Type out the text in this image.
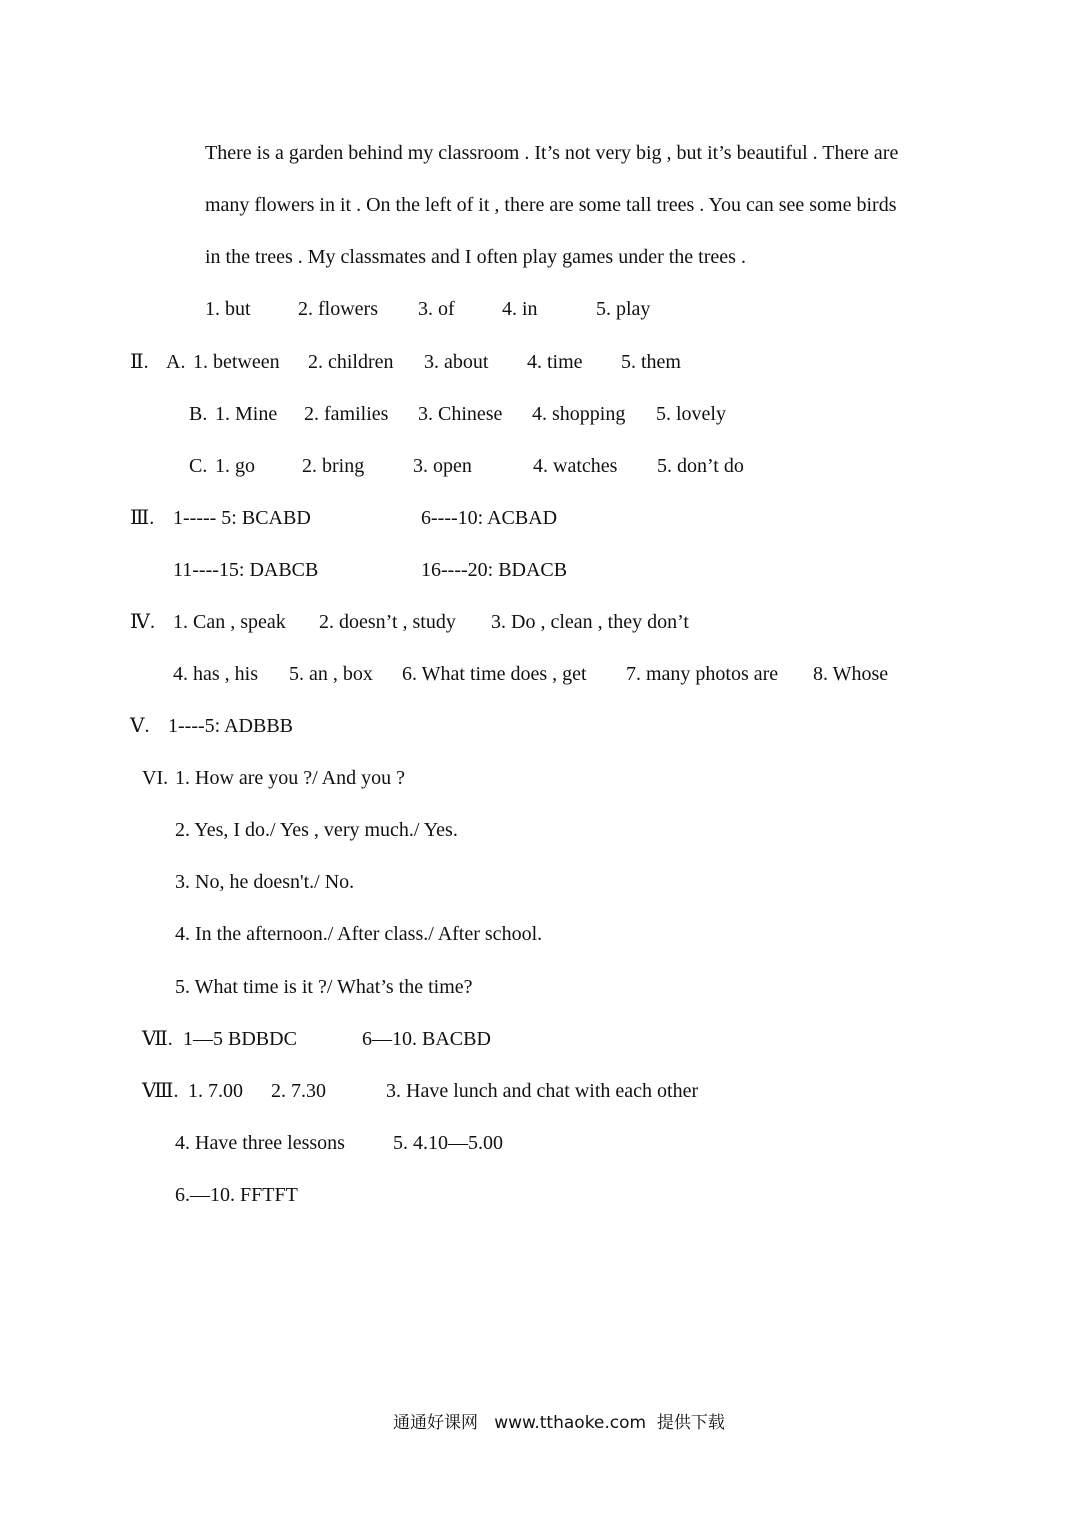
There is a garden behind my classroom . It’s not very big , but it’s beautiful . There are
many flowers in it . On the left of it , there are some tall trees . You can see some birds
in the trees . My classmates and I often play games under the trees .
1. but 2. flowers 3. of 4. in	5. play
Ⅱ. A. 1. between 2. children 3. about 4. time 5. them
B. 1. Mine 2. families 3. Chinese 4. shopping 5. lovely
C. 1. go 2. bring 3. open	4. watches 5. don’t do
Ⅲ. 1----- 5: BCABD	6----10: ACBAD
11----15: DABCB	16----20: BDACB
Ⅳ. 1. Can , speak 2. doesn’t , study 3. Do , clean , they don’t
4. has , his 5. an , box 6. What time does , get 7. many photos are 8. Whose
Ⅴ. 1----5: ADBBB
VI. 1. How are you ?/ And you ?
2. Yes, I do./ Yes , very much./ Yes.
3. No, he doesn't./ No.
4. In the afternoon./ After class./ After school.
5. What time is it ?/ What’s the time?
Ⅶ. 1—5 BDBDC	6—10. BACBD
Ⅷ. 1. 7.00 2. 7.30	3. Have lunch and chat with each other
4. Have three lessons 5. 4.10—5.00
6.—10. FFTFT
通通好课网   www.tthaoke.com  提供下载
